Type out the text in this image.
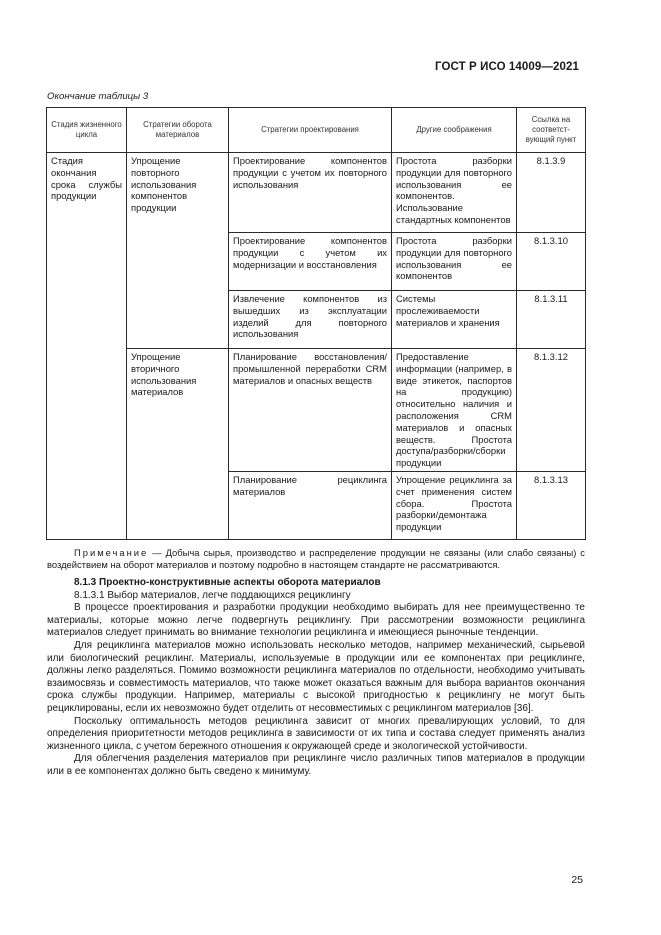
ГОСТ Р ИСО 14009—2021
Окончание таблицы 3
Стадия жизненного цикла	Стратегии оборота материалов	Стратегии проектирования	Другие соображения	Ссылка на соответст-вующий пункт
Стадия окончания срока службы продукции	Упрощение повторного использования компонентов продукции	Проектирование компонентов продукции с учетом их повторного использования	Простота разборки продукции для повторного использования ее компонентов. Использование стандартных компонентов	8.1.3.9
		Проектирование компонентов продукции с учетом их модернизации и восстановления	Простота разборки продукции для повторного использования ее компонентов	8.1.3.10
		Извлечение компонентов из вышедших из эксплуатации изделий для повторного использования	Системы прослеживаемости материалов и хранения	8.1.3.11
	Упрощение вторичного использования материалов	Планирование восстановления/промышленной переработки CRM материалов и опасных веществ	Предоставление информации (например, в виде этикеток, паспортов на продукцию) относительно наличия и расположения CRM материалов и опасных веществ. Простота доступа/разборки/сборки продукции	8.1.3.12
		Планирование рециклинга материалов	Упрощение рециклинга за счет применения систем сбора. Простота разборки/демонтажа продукции	8.1.3.13
Примечание — Добыча сырья, производство и распределение продукции не связаны (или слабо связаны) с воздействием на оборот материалов и поэтому подробно в настоящем стандарте не рассматриваются.

8.1.3 Проектно-конструктивные аспекты оборота материалов

8.1.3.1 Выбор материалов, легче поддающихся рециклингу

В процессе проектирования и разработки продукции необходимо выбирать для нее преимущественно те материалы, которые можно легче подвергнуть рециклингу. При рассмотрении возможности рециклинга материалов следует принимать во внимание технологии рециклинга и имеющиеся рыночные тенденции.

Для рециклинга материалов можно использовать несколько методов, например механический, сырьевой или биологический рециклинг. Материалы, используемые в продукции или ее компонентах при рециклинге, должны легко разделяться. Помимо возможности рециклинга материалов по отдельности, необходимо учитывать взаимосвязь и совместимость материалов, что также может оказаться важным для выбора вариантов окончания срока службы продукции. Например, материалы с высокой пригодностью к рециклингу не могут быть рециклированы, если их невозможно будет отделить от несовместимых с рециклингом материалов [36].

Поскольку оптимальность методов рециклинга зависит от многих превалирующих условий, то для определения приоритетности методов рециклинга в зависимости от их типа и состава следует применять анализ жизненного цикла, с учетом бережного отношения к окружающей среде и экологической устойчивости.

Для облегчения разделения материалов при рециклинге число различных типов материалов в продукции или в ее компонентах должно быть сведено к минимуму.

25
